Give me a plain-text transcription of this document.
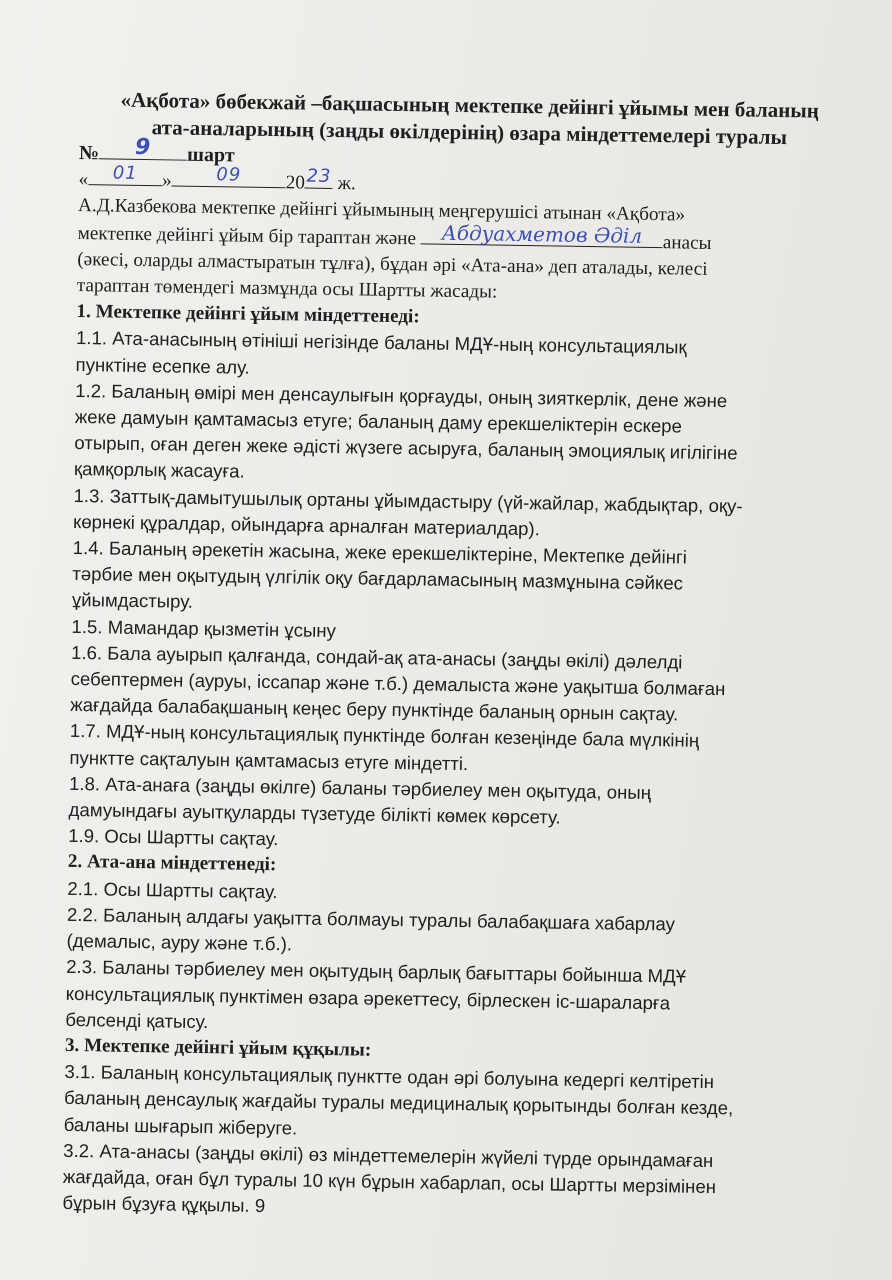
«Ақбота» бөбекжай –бақшасының мектепке дейінгі ұйымы мен баланың
ата-аналарының (заңды өкілдерінің) өзара міндеттемелері туралы
№	9	шарт
«	01	»	09	20 23 ж.
А.Д.Казбекова мектепке дейінгі ұйымының меңгерушісі атынан «Ақбота»
мектепке дейінгі ұйым бір тараптан және	Абдуахметов Әділ	анасы
(әкесі, оларды алмастыратын тұлға), бұдан әрі «Ата-ана» деп аталады, келесі
тараптан төмендегі мазмұнда осы Шартты жасады:
1. Мектепке дейінгі ұйым міндеттенеді:
1.1. Ата-анасының өтініші негізінде баланы МДҰ-ның консультациялық
пунктіне есепке алу.
1.2. Баланың өмірі мен денсаулығын қорғауды, оның зияткерлік, дене және
жеке дамуын қамтамасыз етуге; баланың даму ерекшеліктерін ескере
отырып, оған деген жеке әдісті жүзеге асыруға, баланың эмоциялық игілігіне
қамқорлық жасауға.
1.3. Заттық-дамытушылық ортаны ұйымдастыру (үй-жайлар, жабдықтар, оқу-
көрнекі құралдар, ойындарға арналған материалдар).
1.4. Баланың әрекетін жасына, жеке ерекшеліктеріне, Мектепке дейінгі
тәрбие мен оқытудың үлгілік оқу бағдарламасының мазмұнына сәйкес
ұйымдастыру.
1.5. Мамандар қызметін ұсыну
1.6. Бала ауырып қалғанда, сондай-ақ ата-анасы (заңды өкілі) дәлелді
себептермен (ауруы, іссапар және т.б.) демалыста және уақытша болмаған
жағдайда балабақшаның кеңес беру пунктінде баланың орнын сақтау.
1.7. МДҰ-ның консультациялық пунктінде болған кезеңінде бала мүлкінің
пунктте сақталуын қамтамасыз етуге міндетті.
1.8. Ата-анаға (заңды өкілге) баланы тәрбиелеу мен оқытуда, оның
дамуындағы ауытқуларды түзетуде білікті көмек көрсету.
1.9. Осы Шартты сақтау.
2. Ата-ана міндеттенеді:
2.1. Осы Шартты сақтау.
2.2. Баланың алдағы уақытта болмауы туралы балабақшаға хабарлау
(демалыс, ауру және т.б.).
2.3. Баланы тәрбиелеу мен оқытудың барлық бағыттары бойынша МДҰ
консультациялық пунктімен өзара әрекеттесу, бірлескен іс-шараларға
белсенді қатысу.
3. Мектепке дейінгі ұйым құқылы:
3.1. Баланың консультациялық пунктте одан әрі болуына кедергі келтіретін
баланың денсаулық жағдайы туралы медициналық қорытынды болған кезде,
баланы шығарып жіберуге.
3.2. Ата-анасы (заңды өкілі) өз міндеттемелерін жүйелі түрде орындамаған
жағдайда, оған бұл туралы 10 күн бұрын хабарлап, осы Шартты мерзімінен
бұрын бұзуға құқылы. 9
